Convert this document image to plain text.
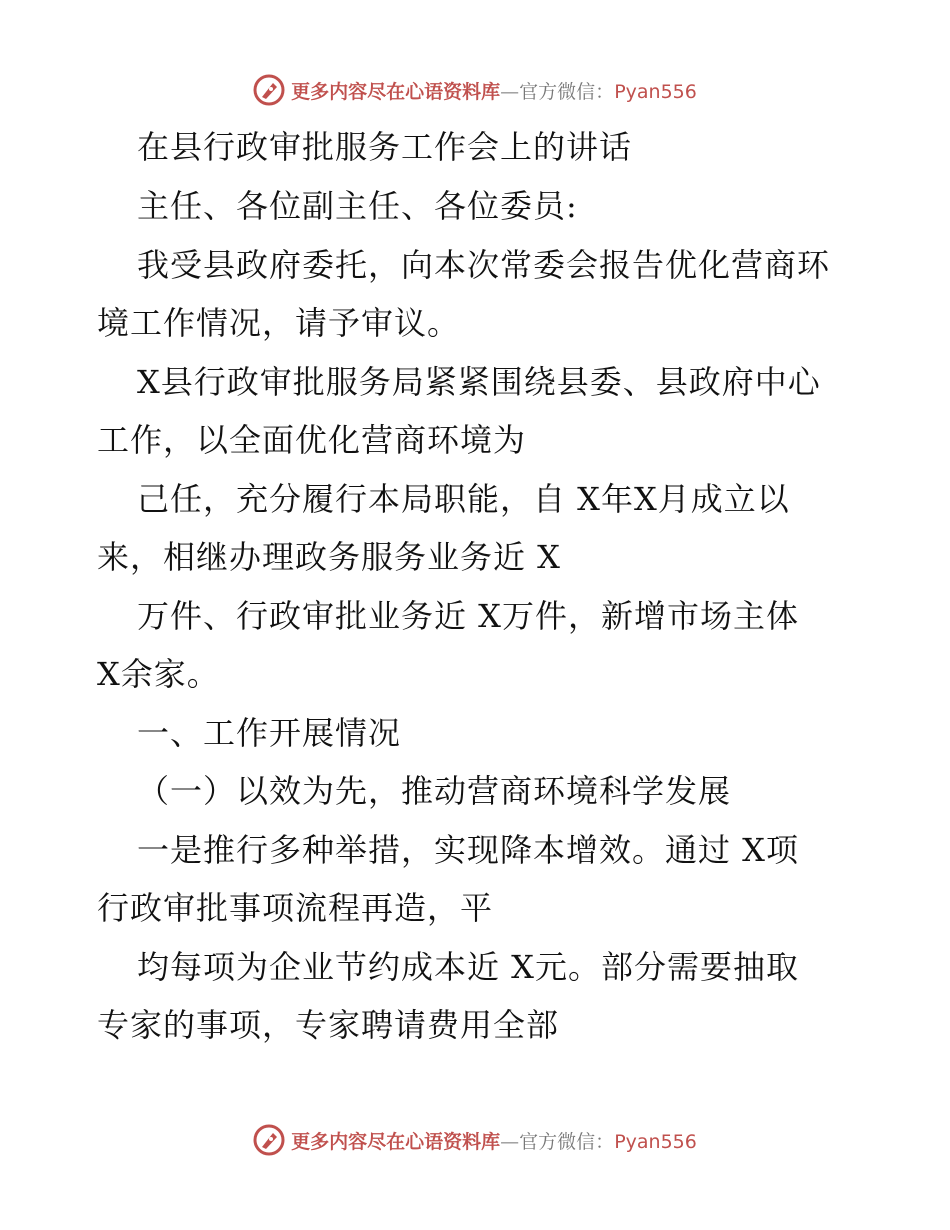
更多内容尽在心语资料库—官方微信：Pyan556
在县行政审批服务工作会上的讲话
主任、各位副主任、各位委员:
我受县政府委托，向本次常委会报告优化营商环
境工作情况，请予审议。
X县行政审批服务局紧紧围绕县委、县政府中心
工作，以全面优化营商环境为
己任，充分履行本局职能，自 X年X月成立以
来，相继办理政务服务业务近 X
万件、行政审批业务近 X万件，新增市场主体
X余家。
一、工作开展情况
（一）以效为先，推动营商环境科学发展
一是推行多种举措，实现降本增效。通过 X项
行政审批事项流程再造，平
均每项为企业节约成本近 X元。部分需要抽取
专家的事项，专家聘请费用全部
更多内容尽在心语资料库—官方微信：Pyan556
